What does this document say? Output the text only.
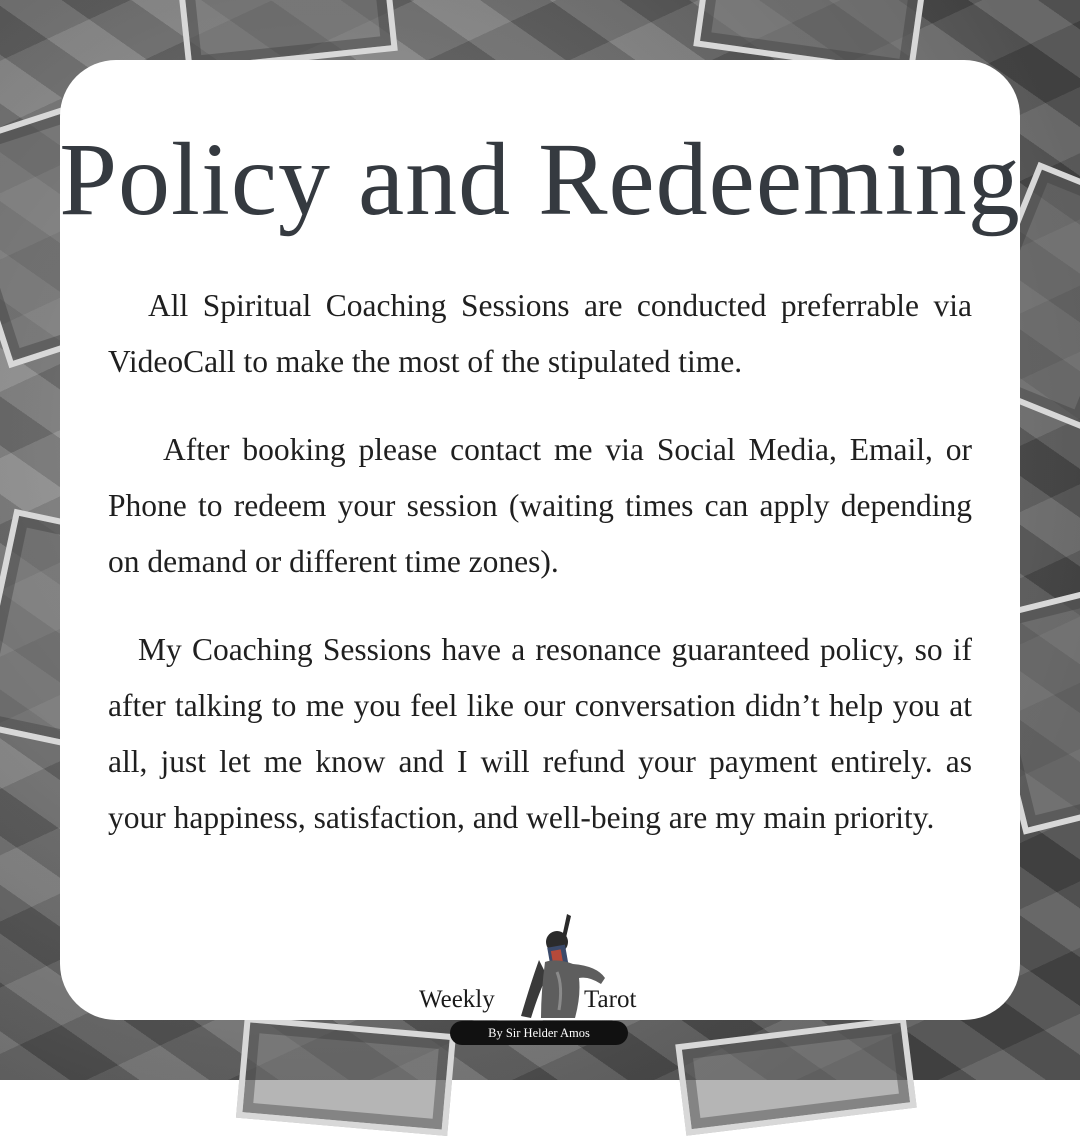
Policy and Redeeming

All Spiritual Coaching Sessions are conducted preferrable via VideoCall to make the most of the stipulated time.

After booking please contact me via Social Media, Email, or Phone to redeem your session (waiting times can apply depending on demand or different time zones).

My Coaching Sessions have a resonance guaranteed policy, so if after talking to me you feel like our conversation didn’t help you at all, just let me know and I will refund your payment entirely. as your happiness, satisfaction, and well-being are my main priority.

Weekly	Tarot
By Sir Helder Amos
